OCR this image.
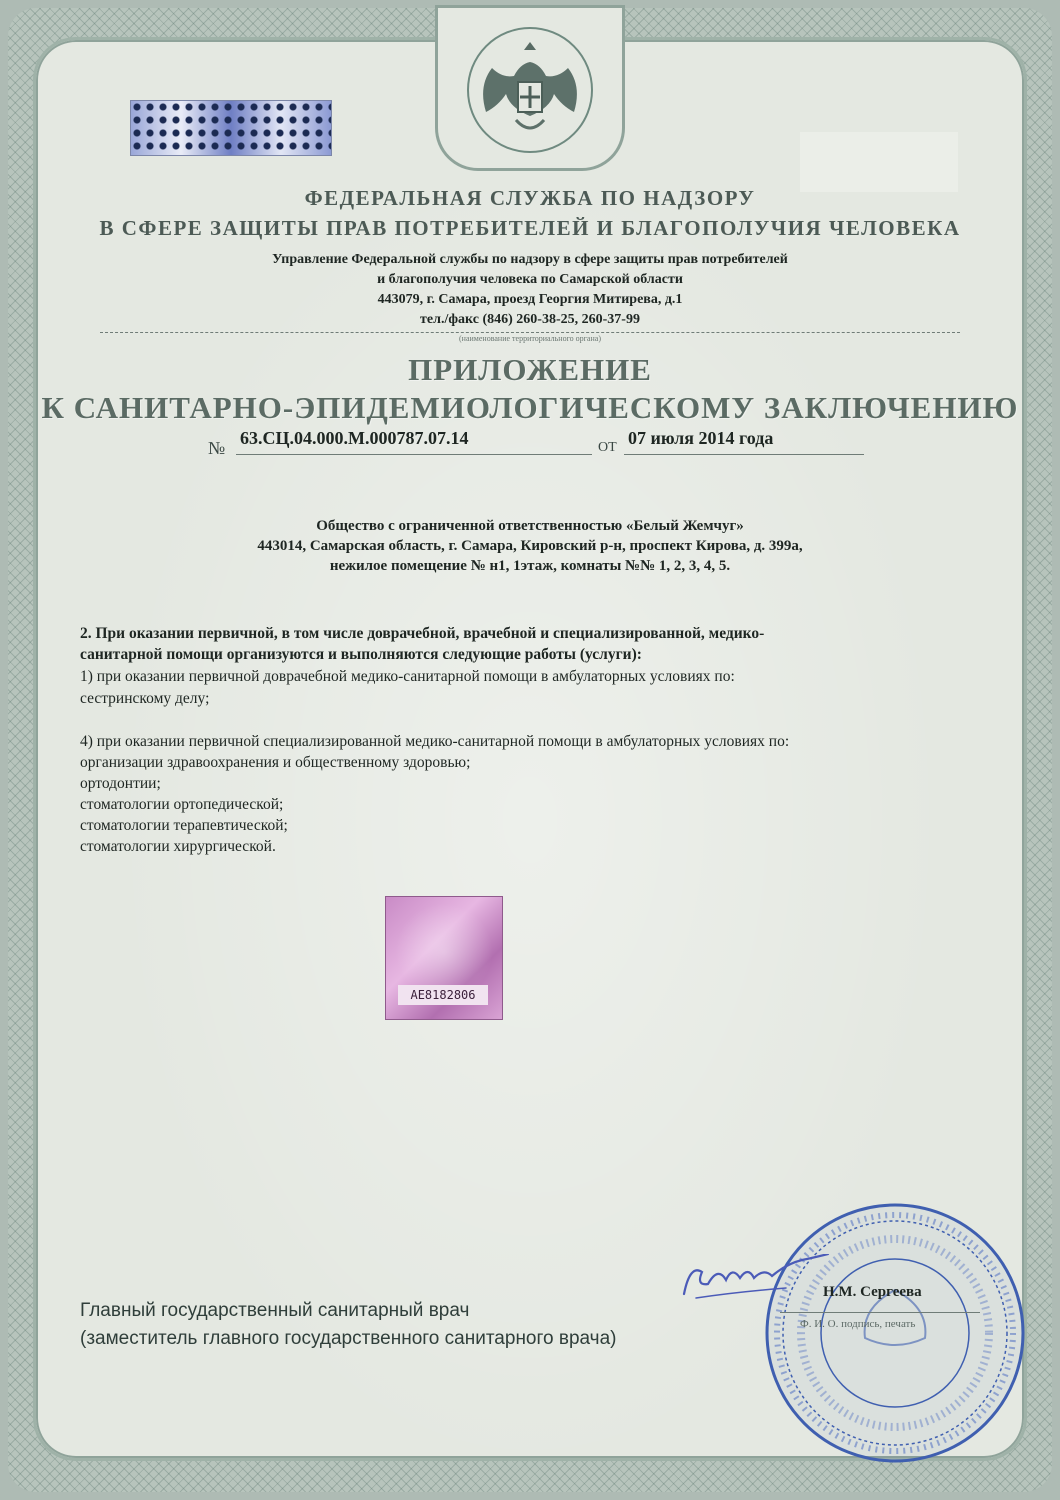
ФЕДЕРАЛЬНАЯ СЛУЖБА ПО НАДЗОРУ

В СФЕРЕ ЗАЩИТЫ ПРАВ ПОТРЕБИТЕЛЕЙ И БЛАГОПОЛУЧИЯ ЧЕЛОВЕКА

Управление Федеральной службы по надзору в сфере защиты прав потребителей

и благополучия человека по Самарской области

443079, г. Самара, проезд Георгия Митирева, д.1

тел./факс (846) 260-38-25, 260-37-99

(наименование территориального органа)

ПРИЛОЖЕНИЕ

К САНИТАРНО-ЭПИДЕМИОЛОГИЧЕСКОМУ ЗАКЛЮЧЕНИЮ

№ 63.СЦ.04.000.М.000787.07.14	ОТ 07 июля 2014 года

Общество с ограниченной ответственностью «Белый Жемчуг»

443014, Самарская область, г. Самара, Кировский р-н, проспект Кирова, д. 399а,

нежилое помещение № н1, 1этаж, комнаты №№ 1, 2, 3, 4, 5.

2. При оказании первичной, в том числе доврачебной, врачебной и специализированной, медико-

санитарной помощи организуются и выполняются следующие работы (услуги):

1) при оказании первичной доврачебной медико-санитарной помощи в амбулаторных условиях по:

сестринскому делу;

4) при оказании первичной специализированной медико-санитарной помощи в амбулаторных условиях по:

организации здравоохранения и общественному здоровью;

ортодонтии;

стоматологии ортопедической;

стоматологии терапевтической;

стоматологии хирургической.

АЕ8182806

Главный государственный санитарный врач

(заместитель главного государственного санитарного врача)

Н.М. Сергеева

Ф. И. О. подпись, печать
